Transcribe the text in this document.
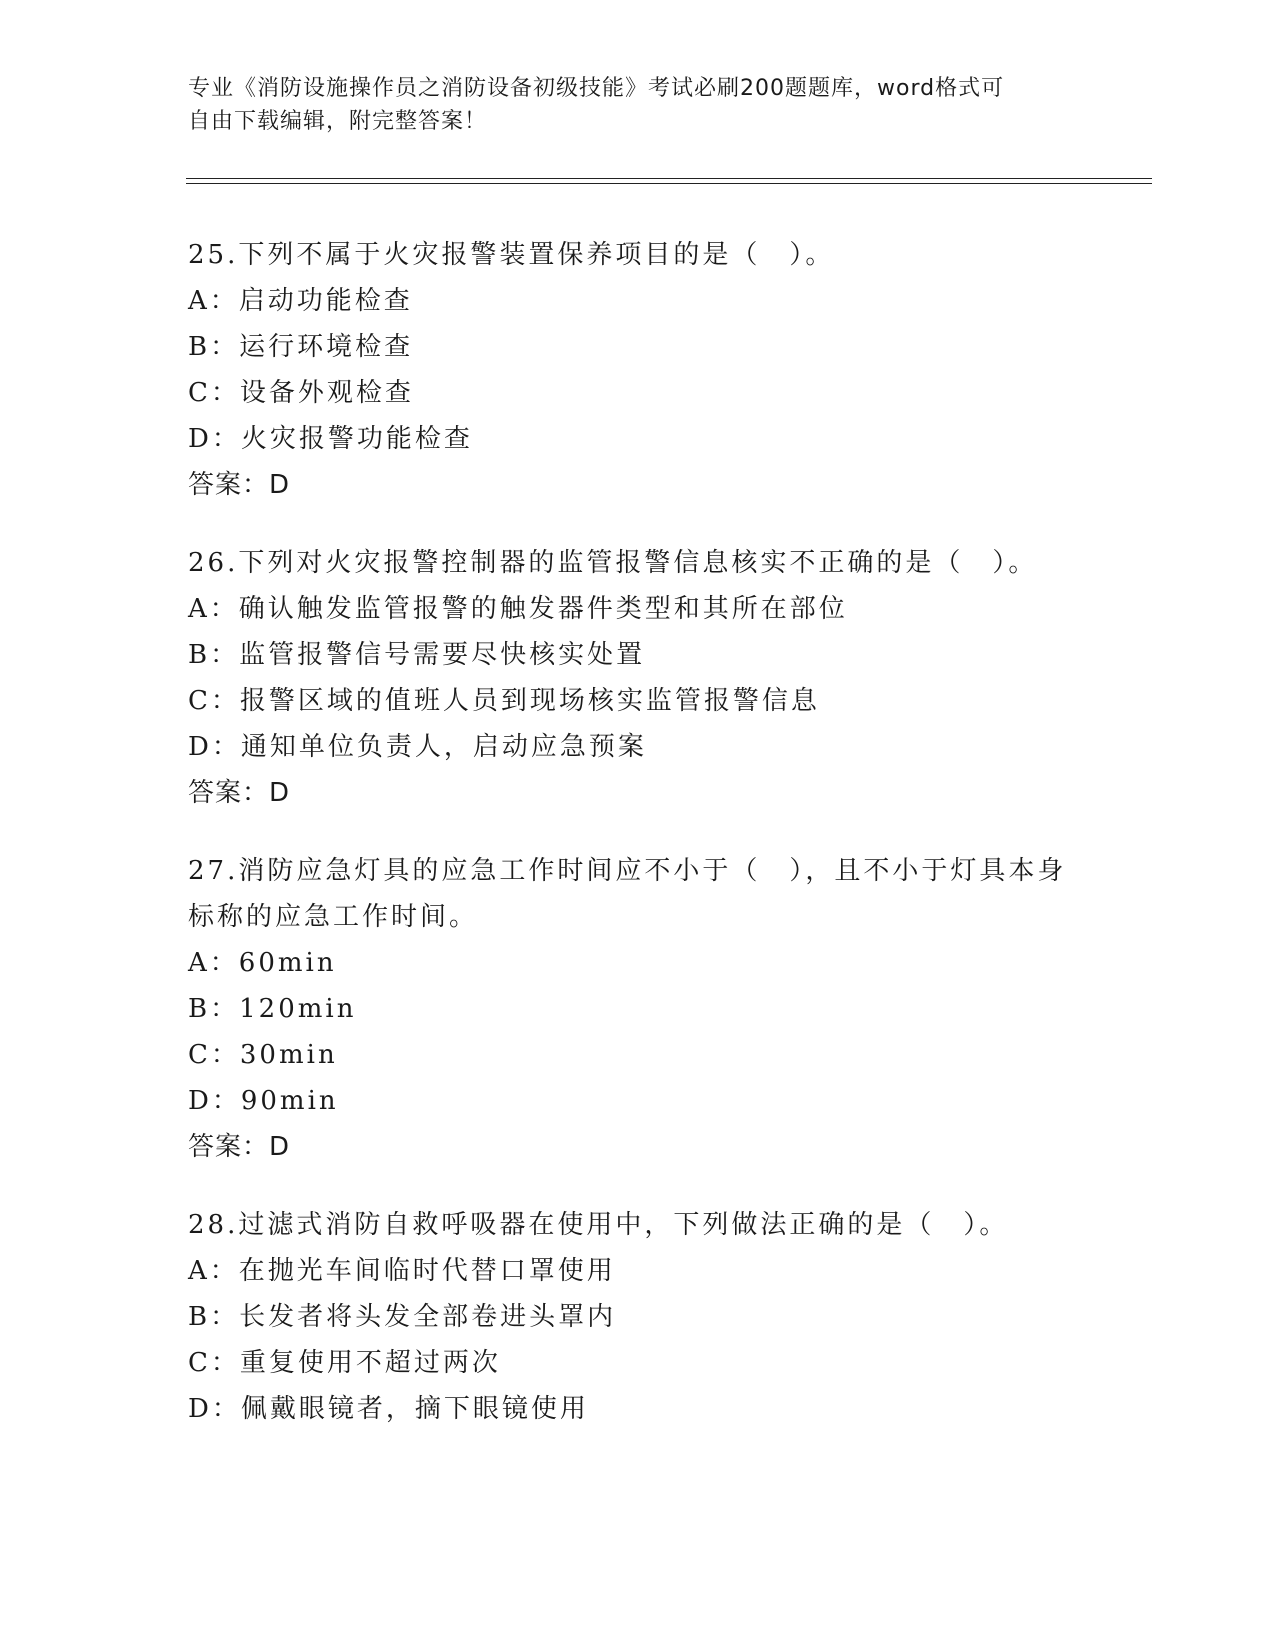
专业《消防设施操作员之消防设备初级技能》考试必刷200题题库，word格式可
自由下载编辑，附完整答案！
25.下列不属于火灾报警装置保养项目的是（　）。
A：启动功能检查
B：运行环境检查
C：设备外观检查
D：火灾报警功能检查
答案：D
26.下列对火灾报警控制器的监管报警信息核实不正确的是（　）。
A：确认触发监管报警的触发器件类型和其所在部位
B：监管报警信号需要尽快核实处置
C：报警区域的值班人员到现场核实监管报警信息
D：通知单位负责人，启动应急预案
答案：D
27.消防应急灯具的应急工作时间应不小于（　），且不小于灯具本身
标称的应急工作时间。
A：60min
B：120min
C：30min
D：90min
答案：D
28.过滤式消防自救呼吸器在使用中，下列做法正确的是（　）。
A：在抛光车间临时代替口罩使用
B：长发者将头发全部卷进头罩内
C：重复使用不超过两次
D：佩戴眼镜者，摘下眼镜使用
